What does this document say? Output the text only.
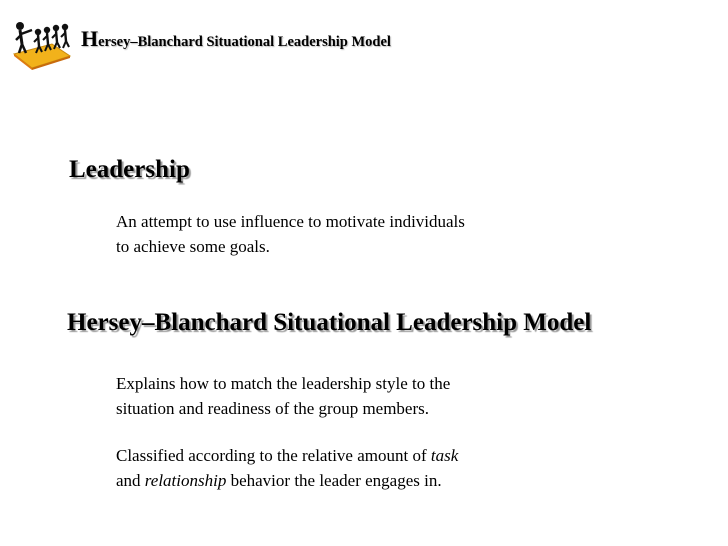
Hersey–Blanchard Situational Leadership Model
Leadership
An attempt to use influence to motivate individuals
to achieve some goals.
Hersey–Blanchard Situational Leadership Model
Explains how to match the leadership style to the
situation and readiness of the group members.
Classified according to the relative amount of task
and relationship behavior the leader engages in.
